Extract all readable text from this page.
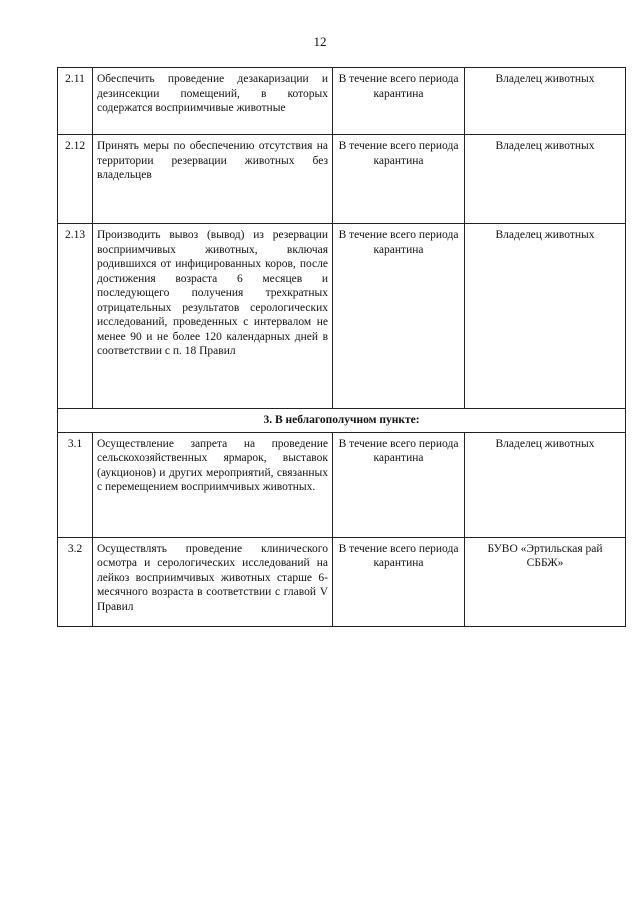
12
2.11	Обеспечить проведение дезакаризации и дезинсекции помещений, в которых содержатся восприимчивые животные	В течение всего периода карантина	Владелец животных
2.12	Принять меры по обеспечению отсутствия на территории резервации животных без владельцев	В течение всего периода карантина	Владелец животных
2.13	Производить вывоз (вывод) из резервации восприимчивых животных, включая родившихся от инфицированных коров, после достижения возраста 6 месяцев и последующего получения трехкратных отрицательных результатов серологических исследований, проведенных с интервалом не менее 90 и не более 120 календарных дней в соответствии с п. 18 Правил	В течение всего периода карантина	Владелец животных
3. В неблагополучном пункте:			
3.1	Осуществление запрета на проведение сельскохозяйственных ярмарок, выставок (аукционов) и других мероприятий, связанных с перемещением восприимчивых животных.	В течение всего периода карантина	Владелец животных
3.2	Осуществлять проведение клинического осмотра и серологических исследований на лейкоз восприимчивых животных старше 6-месячного возраста в соответствии с главой V Правил	В течение всего периода карантина	БУВО «Эртильская рай СББЖ»
